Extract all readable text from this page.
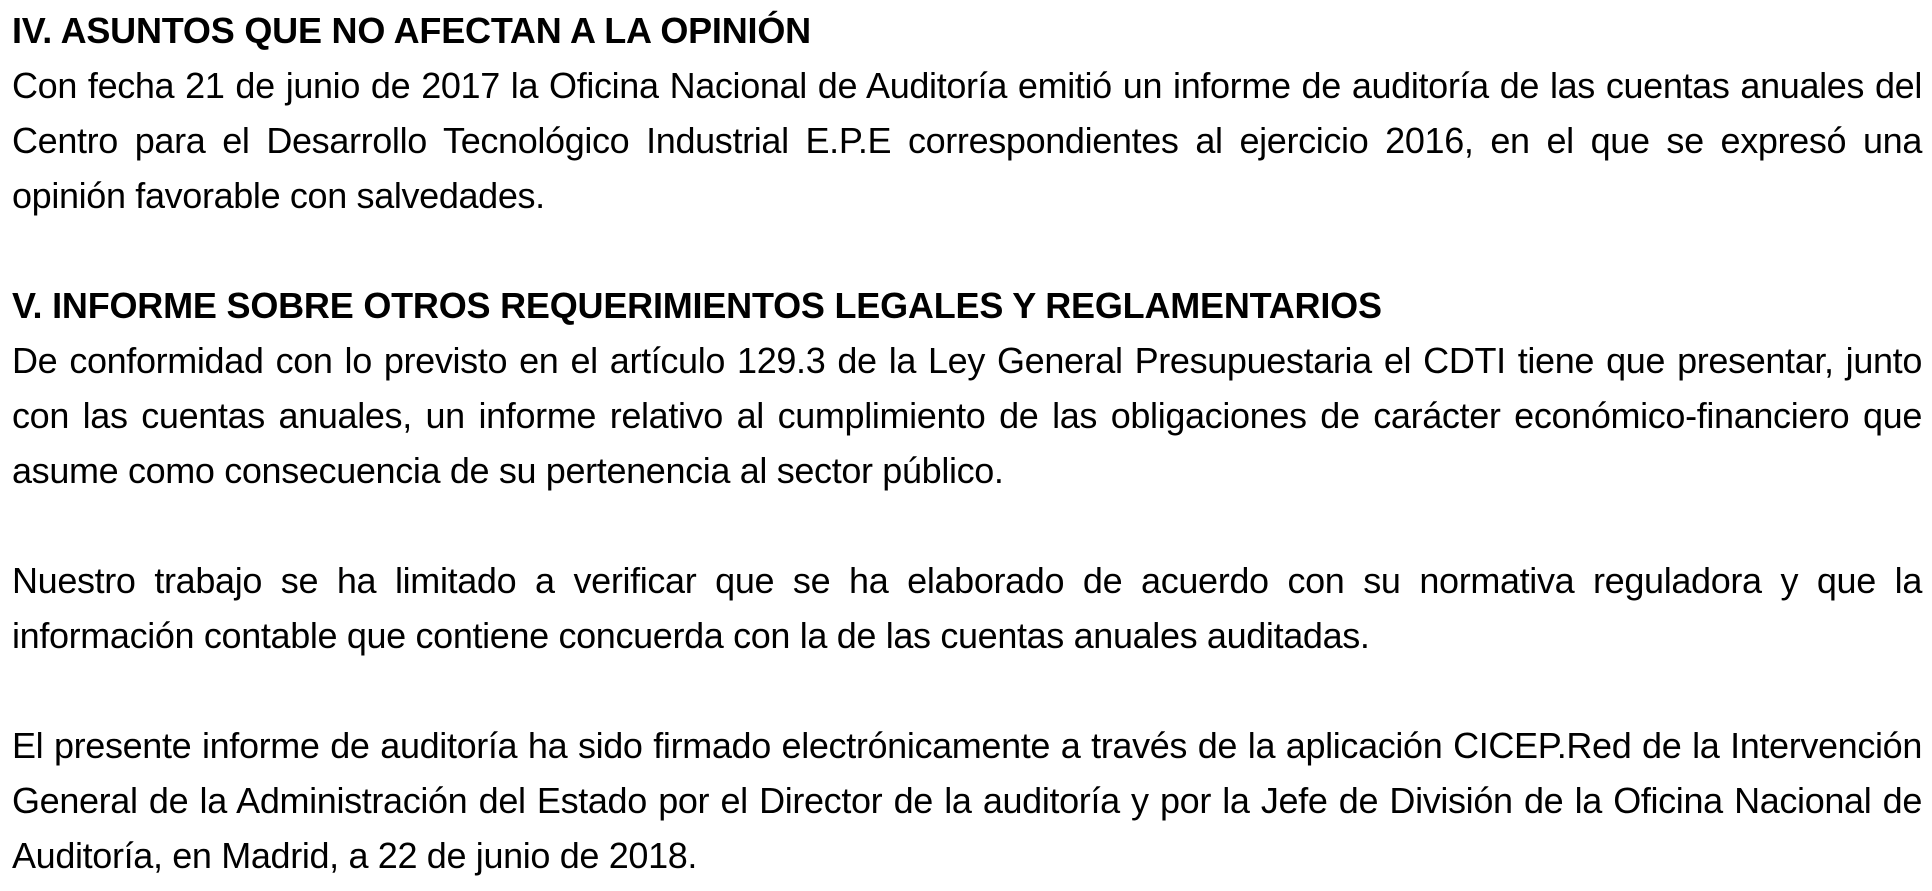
IV. ASUNTOS QUE NO AFECTAN A LA OPINIÓN

Con fecha 21 de junio de 2017 la Oficina Nacional de Auditoría emitió un informe de auditoría de las cuentas anuales del Centro para el Desarrollo Tecnológico Industrial E.P.E correspondientes al ejercicio 2016, en el que se expresó una opinión favorable con salvedades.

V. INFORME SOBRE OTROS REQUERIMIENTOS LEGALES Y REGLAMENTARIOS

De conformidad con lo previsto en el artículo 129.3 de la Ley General Presupuestaria el CDTI tiene que presentar, junto con las cuentas anuales, un informe relativo al cumplimiento de las obligaciones de carácter económico-financiero que asume como consecuencia de su pertenencia al sector público.

Nuestro trabajo se ha limitado a verificar que se ha elaborado de acuerdo con su normativa reguladora y que la información contable que contiene concuerda con la de las cuentas anuales auditadas.

El presente informe de auditoría ha sido firmado electrónicamente a través de la aplicación CICEP.Red de la Intervención General de la Administración del Estado por el Director de la auditoría y por la Jefe de División de la Oficina Nacional de Auditoría, en Madrid, a 22 de junio de 2018.
